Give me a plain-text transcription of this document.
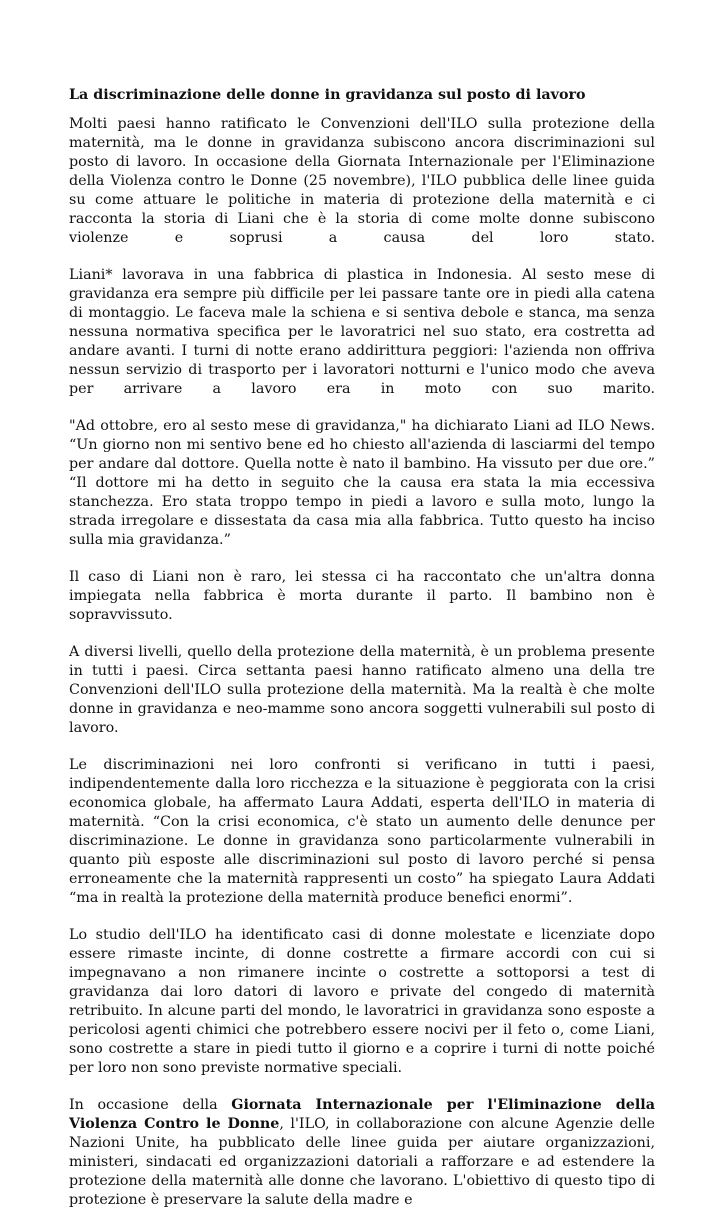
La discriminazione delle donne in gravidanza sul posto di lavoro

Molti paesi hanno ratificato le Convenzioni dell'ILO sulla protezione della maternità, ma le donne in gravidanza subiscono ancora discriminazioni sul posto di lavoro. In occasione della Giornata Internazionale per l'Eliminazione della Violenza contro le Donne (25 novembre), l'ILO pubblica delle linee guida su come attuare le politiche in materia di protezione della maternità e ci racconta la storia di Liani che è la storia di come molte donne subiscono violenze e soprusi a causa del loro stato.

Liani* lavorava in una fabbrica di plastica in Indonesia. Al sesto mese di gravidanza era sempre più difficile per lei passare tante ore in piedi alla catena di montaggio. Le faceva male la schiena e si sentiva debole e stanca, ma senza nessuna normativa specifica per le lavoratrici nel suo stato, era costretta ad andare avanti. I turni di notte erano addirittura peggiori: l'azienda non offriva nessun servizio di trasporto per i lavoratori notturni e l'unico modo che aveva per arrivare a lavoro era in moto con suo marito.

"Ad ottobre, ero al sesto mese di gravidanza," ha dichiarato Liani ad ILO News. “Un giorno non mi sentivo bene ed ho chiesto all'azienda di lasciarmi del tempo per andare dal dottore. Quella notte è nato il bambino. Ha vissuto per due ore.” “Il dottore mi ha detto in seguito che la causa era stata la mia eccessiva stanchezza. Ero stata troppo tempo in piedi a lavoro e sulla moto, lungo la strada irregolare e dissestata da casa mia alla fabbrica. Tutto questo ha inciso sulla mia gravidanza.”

Il caso di Liani non è raro, lei stessa ci ha raccontato che un'altra donna impiegata nella fabbrica è morta durante il parto. Il bambino non è sopravvissuto.

A diversi livelli, quello della protezione della maternità, è un problema presente in tutti i paesi. Circa settanta paesi hanno ratificato almeno una della tre Convenzioni dell'ILO sulla protezione della maternità. Ma la realtà è che molte donne in gravidanza e neo-mamme sono ancora soggetti vulnerabili sul posto di lavoro.

Le discriminazioni nei loro confronti si verificano in tutti i paesi, indipendentemente dalla loro ricchezza e la situazione è peggiorata con la crisi economica globale, ha affermato Laura Addati, esperta dell'ILO in materia di maternità. “Con la crisi economica, c'è stato un aumento delle denunce per discriminazione. Le donne in gravidanza sono particolarmente vulnerabili in quanto più esposte alle discriminazioni sul posto di lavoro perché si pensa erroneamente che la maternità rappresenti un costo” ha spiegato Laura Addati “ma in realtà la protezione della maternità produce benefici enormi”.

Lo studio dell'ILO ha identificato casi di donne molestate e licenziate dopo essere rimaste incinte, di donne costrette a firmare accordi con cui si impegnavano a non rimanere incinte o costrette a sottoporsi a test di gravidanza dai loro datori di lavoro e private del congedo di maternità retribuito. In alcune parti del mondo, le lavoratrici in gravidanza sono esposte a pericolosi agenti chimici che potrebbero essere nocivi per il feto o, come Liani, sono costrette a stare in piedi tutto il giorno e a coprire i turni di notte poiché per loro non sono previste normative speciali.

In occasione della Giornata Internazionale per l'Eliminazione della Violenza Contro le Donne, l'ILO, in collaborazione con alcune Agenzie delle Nazioni Unite, ha pubblicato delle linee guida per aiutare organizzazioni, ministeri, sindacati ed organizzazioni datoriali a rafforzare e ad estendere la protezione della maternità alle donne che lavorano. L'obiettivo di questo tipo di protezione è preservare la salute della madre e
